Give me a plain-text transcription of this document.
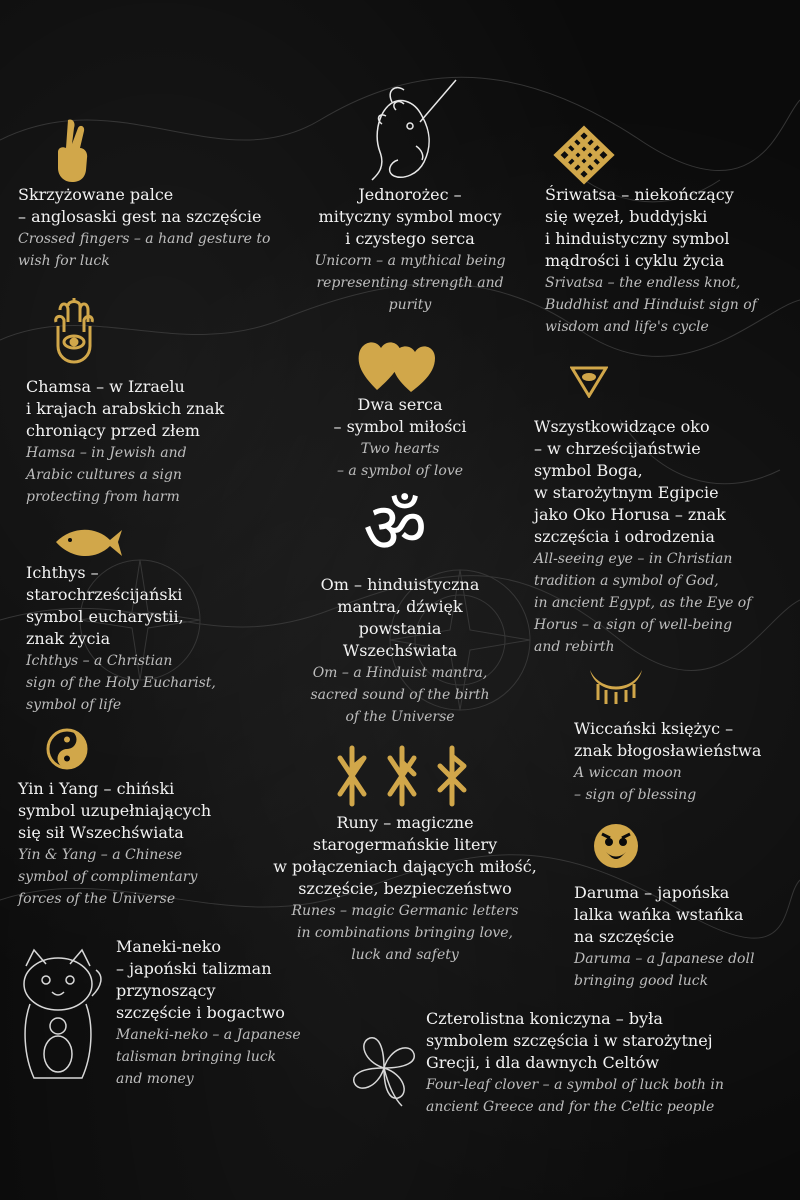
ॐ
Skrzyżowane palce
– anglosaski gest na szczęście
Crossed fingers – a hand gesture to
wish for luck
Jednorożec –
mityczny symbol mocy
i czystego serca
Unicorn – a mythical being
representing strength and
purity
Śriwatsa – niekończący
się węzeł, buddyjski
i hinduistyczny symbol
mądrości i cyklu życia
Srivatsa – the endless knot,
Buddhist and Hinduist sign of
wisdom and life's cycle
Chamsa – w Izraelu
i krajach arabskich znak
chroniący przed złem
Hamsa – in Jewish and
Arabic cultures a sign
protecting from harm
Dwa serca
– symbol miłości
Two hearts
– a symbol of love
Wszystkowidzące oko
– w chrześcijaństwie
symbol Boga,
w starożytnym Egipcie
jako Oko Horusa – znak
szczęścia i odrodzenia
All-seeing eye – in Christian
tradition a symbol of God,
in ancient Egypt, as the Eye of
Horus – a sign of well-being
and rebirth
Om – hinduistyczna
mantra, dźwięk
powstania
Wszechświata
Om – a Hinduist mantra,
sacred sound of the birth
of the Universe
Ichthys –
starochrześcijański
symbol eucharystii,
znak życia
Ichthys – a Christian
sign of the Holy Eucharist,
symbol of life
Wiccański księżyc –
znak błogosławieństwa
A wiccan moon
– sign of blessing
Yin i Yang – chiński
symbol uzupełniających
się sił Wszechświata
Yin & Yang – a Chinese
symbol of complimentary
forces of the Universe
Runy – magiczne
starogermańskie litery
w połączeniach dających miłość,
szczęście, bezpieczeństwo
Runes – magic Germanic letters
in combinations bringing love,
luck and safety
Daruma – japońska
lalka wańka wstańka
na szczęście
Daruma – a Japanese doll
bringing good luck
Maneki-neko
– japoński talizman
przynoszący
szczęście i bogactwo
Maneki-neko – a Japanese
talisman bringing luck
and money
Czterolistna koniczyna – była
symbolem szczęścia i w starożytnej
Grecji, i dla dawnych Celtów
Four-leaf clover – a symbol of luck both in
ancient Greece and for the Celtic people
